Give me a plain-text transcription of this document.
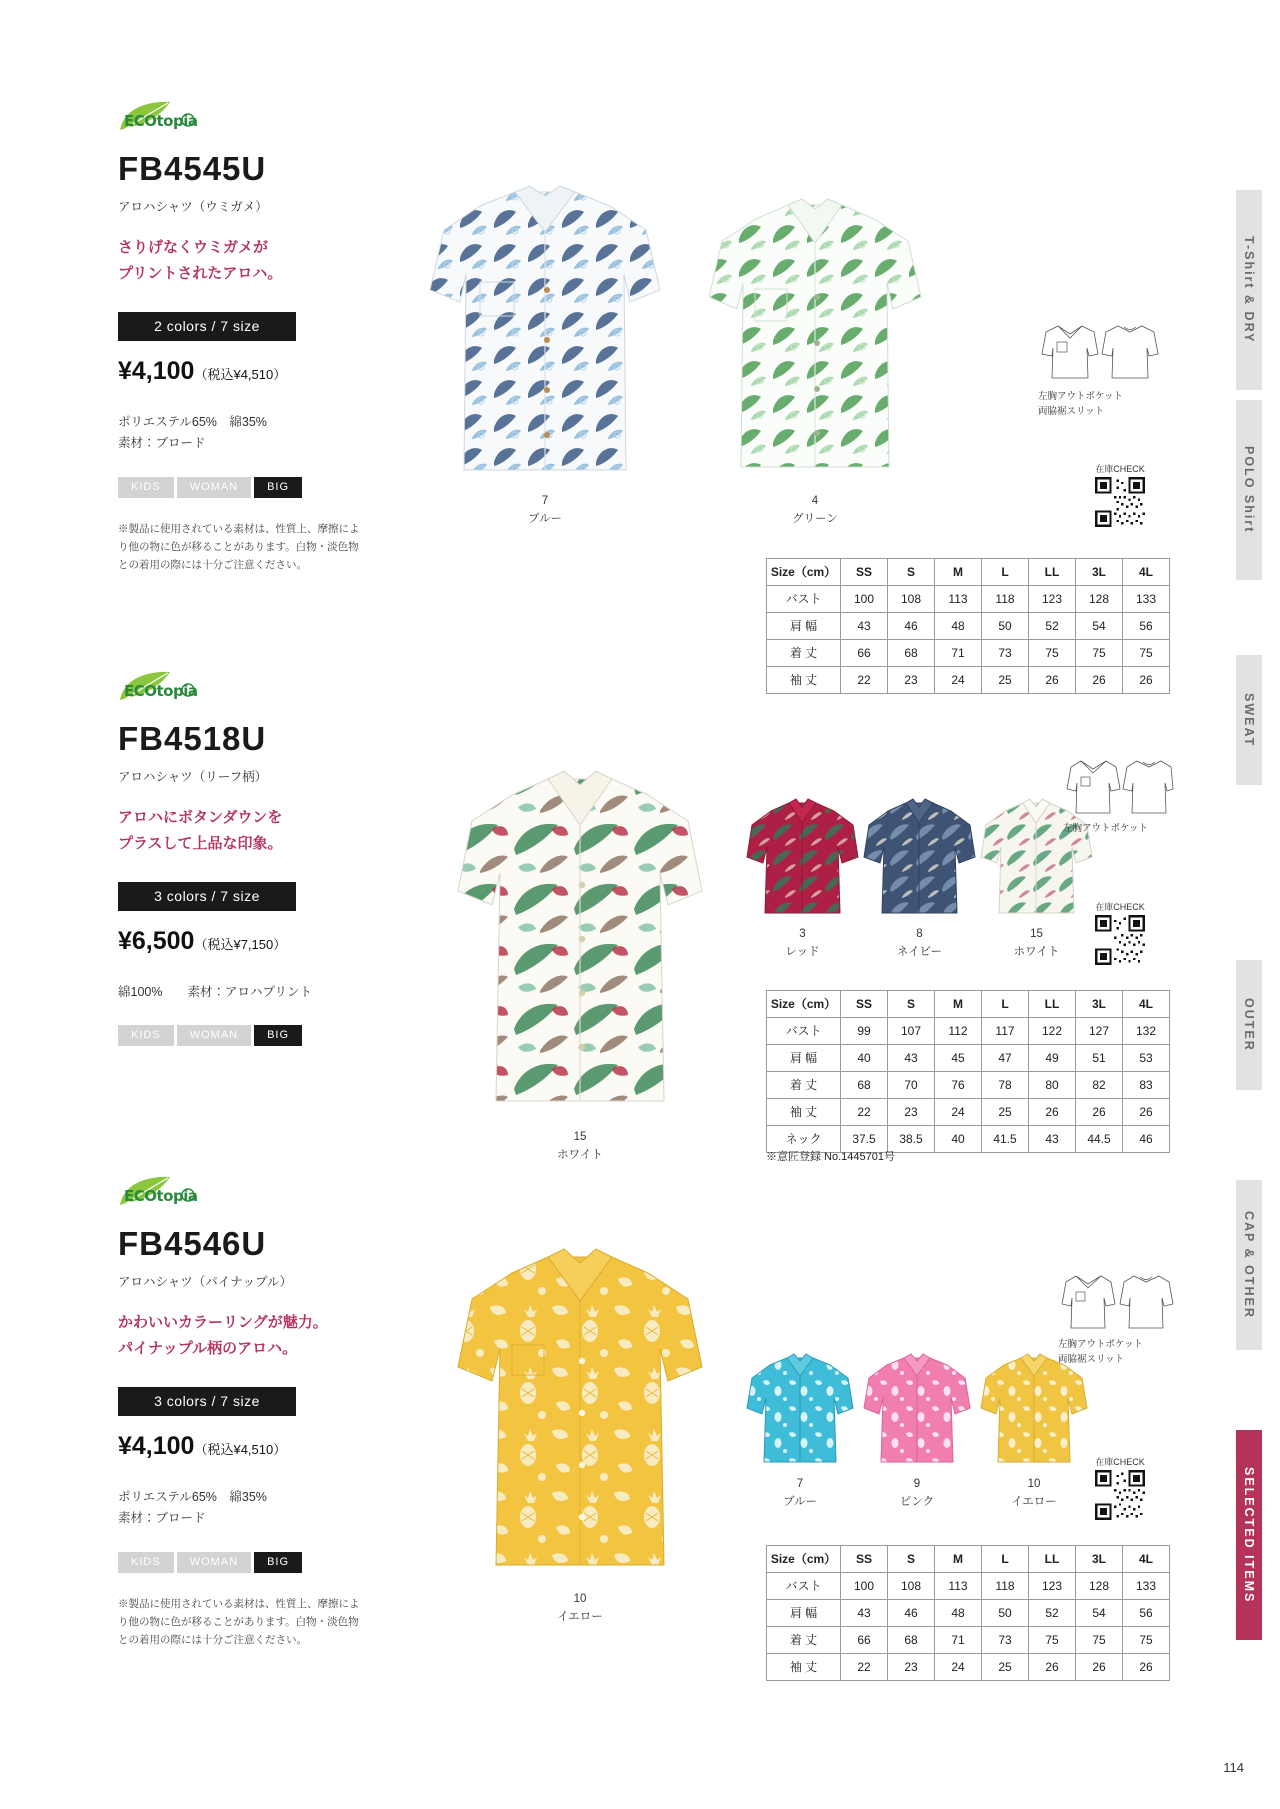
T-Shirt & DRY
POLO Shirt
SWEAT
OUTER
CAP & OTHER
SELECTED ITEMS
ECOtopia
FB4545U
アロハシャツ（ウミガメ）
さりげなくウミガメが
プリントされたアロハ。
2 colors / 7 size
¥4,100（税込¥4,510）
ポリエステル65%　綿35%
素材：ブロード
KIDS	WOMAN	BIG
※製品に使用されている素材は、性質上、摩擦により他の物に色が移ることがあります。白物・淡色物との着用の際には十分ご注意ください。
7
ブルー
4
グリーン
左胸アウトポケット
両脇裾スリット
在庫CHECK
Size（cm）	SS	S	M	L	LL	3L	4L
バスト	100	108	113	118	123	128	133
肩 幅	43	46	48	50	52	54	56
着 丈	66	68	71	73	75	75	75
袖 丈	22	23	24	25	26	26	26
ECOtopia
FB4518U
アロハシャツ（リーフ柄）
アロハにボタンダウンを
プラスして上品な印象。
3 colors / 7 size
¥6,500（税込¥7,150）
綿100%　　素材：アロハプリント
KIDS	WOMAN	BIG
15
ホワイト
3
レッド
8
ネイビー
15
ホワイト
左胸アウトポケット
在庫CHECK
Size（cm）	SS	S	M	L	LL	3L	4L
バスト	99	107	112	117	122	127	132
肩 幅	40	43	45	47	49	51	53
着 丈	68	70	76	78	80	82	83
袖 丈	22	23	24	25	26	26	26
ネック	37.5	38.5	40	41.5	43	44.5	46
※意匠登録 No.1445701号
ECOtopia
FB4546U
アロハシャツ（パイナップル）
かわいいカラーリングが魅力。
パイナップル柄のアロハ。
3 colors / 7 size
¥4,100（税込¥4,510）
ポリエステル65%　綿35%
素材：ブロード
KIDS	WOMAN	BIG
※製品に使用されている素材は、性質上、摩擦により他の物に色が移ることがあります。白物・淡色物との着用の際には十分ご注意ください。
10
イエロー
7
ブルー
9
ピンク
10
イエロー
左胸アウトポケット
両脇裾スリット
在庫CHECK
Size（cm）	SS	S	M	L	LL	3L	4L
バスト	100	108	113	118	123	128	133
肩 幅	43	46	48	50	52	54	56
着 丈	66	68	71	73	75	75	75
袖 丈	22	23	24	25	26	26	26
114
